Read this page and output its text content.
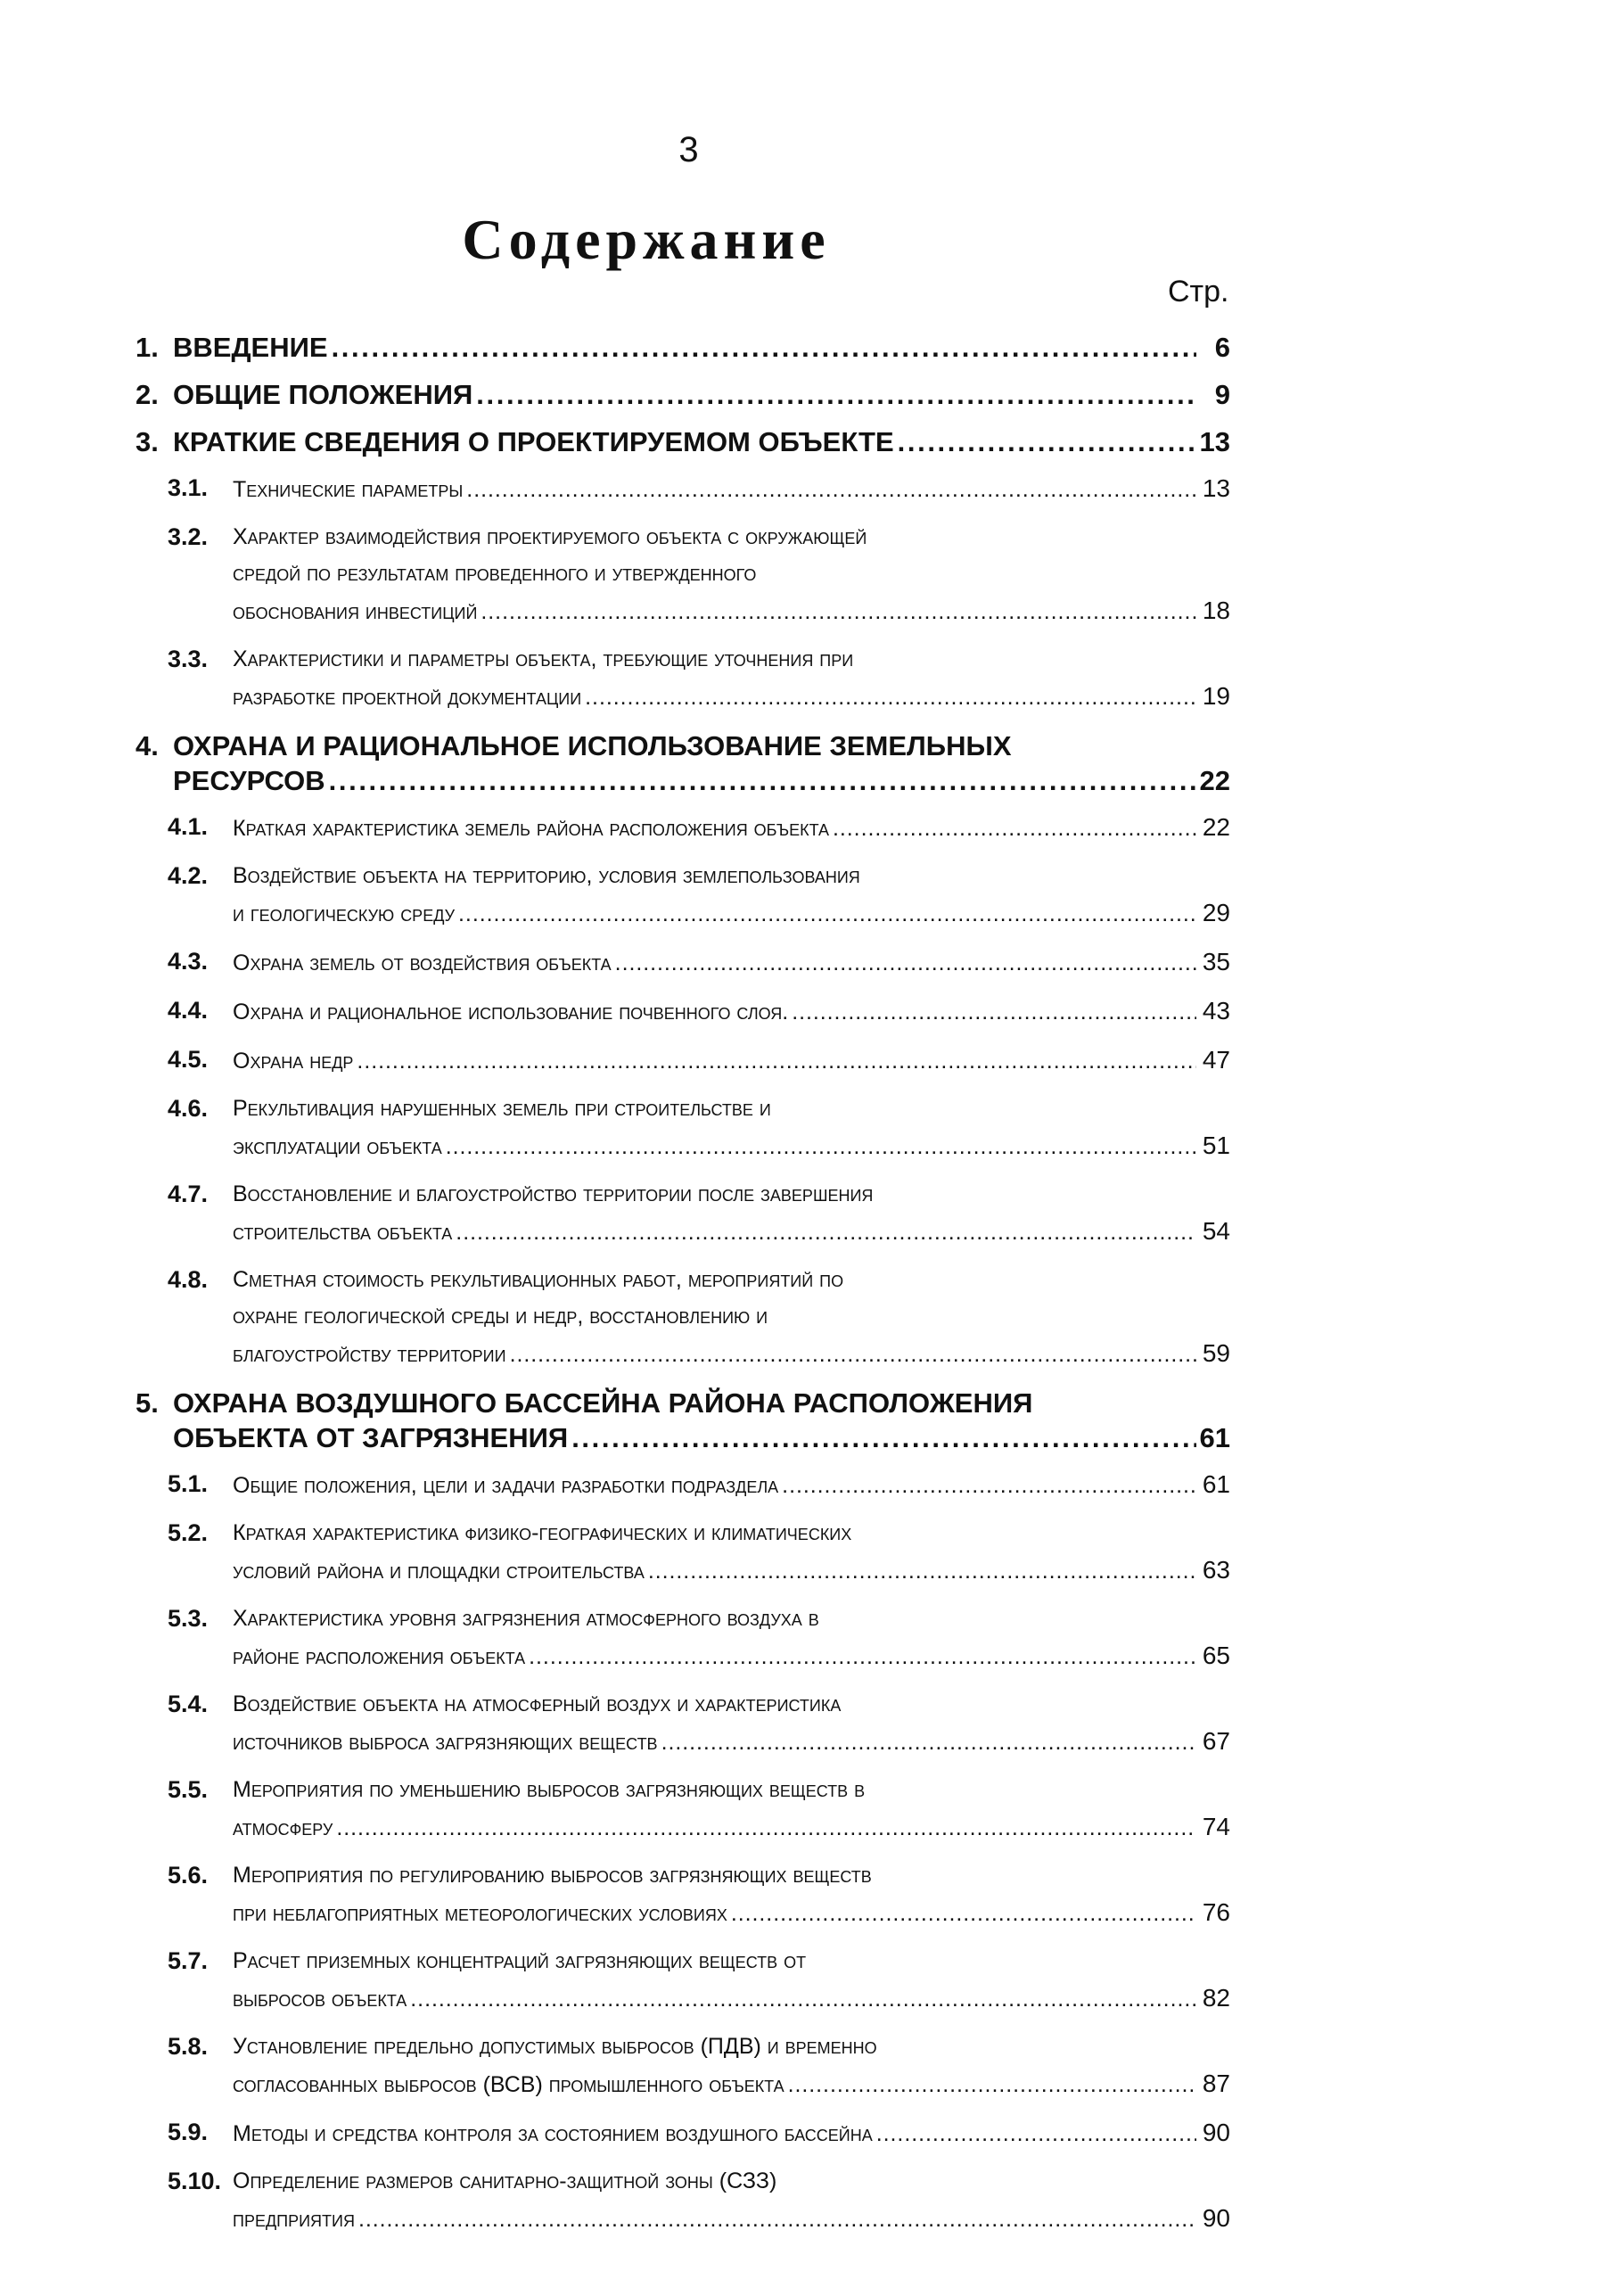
3
Содержание
Стр.
1. ВВЕДЕНИЕ . . .	6
2. ОБЩИЕ ПОЛОЖЕНИЯ . . .	9
3. КРАТКИЕ СВЕДЕНИЯ О ПРОЕКТИРУЕМОМ ОБЪЕКТЕ . . .	13
3.1.	Технические параметры . . .	13
3.2.	Характер взаимодействия проектируемого объекта с окружающей
средой по результатам проведенного и утвержденного
обоснования инвестиций . . .	18
3.3.	Характеристики и параметры объекта, требующие уточнения при
разработке проектной документации . . .	19
4. ОХРАНА И РАЦИОНАЛЬНОЕ ИСПОЛЬЗОВАНИЕ ЗЕМЕЛЬНЫХ
РЕСУРСОВ . . .	22
4.1.	Краткая характеристика земель района расположения объекта . . .	22
4.2.	Воздействие объекта на территорию, условия землепользования
и геологическую среду . . .	29
4.3.	Охрана земель от воздействия объекта . . .	35
4.4.	Охрана и рациональное использование почвенного слоя. . . .	43
4.5.	Охрана недр . . .	47
4.6.	Рекультивация нарушенных земель при строительстве и
эксплуатации объекта . . .	51
4.7.	Восстановление и благоустройство территории после завершения
строительства объекта . . .	54
4.8.	Сметная стоимость рекультивационных работ, мероприятий по
охране геологической среды и недр, восстановлению и
благоустройству территории . . .	59
5. ОХРАНА ВОЗДУШНОГО БАССЕЙНА РАЙОНА РАСПОЛОЖЕНИЯ
ОБЪЕКТА ОТ ЗАГРЯЗНЕНИЯ . . .	61
5.1.	Общие положения, цели и задачи разработки подраздела . . .	61
5.2.	Краткая характеристика физико-географических и климатических
условий района и площадки строительства . . .	63
5.3.	Характеристика уровня загрязнения атмосферного воздуха в
районе расположения объекта . . .	65
5.4.	Воздействие объекта на атмосферный воздух и характеристика
источников выброса загрязняющих веществ . . .	67
5.5.	Мероприятия по уменьшению выбросов загрязняющих веществ в
атмосферу . . .	74
5.6.	Мероприятия по регулированию выбросов загрязняющих веществ
при неблагоприятных метеорологических условиях . . .	76
5.7.	Расчет приземных концентраций загрязняющих веществ от
выбросов объекта . . .	82
5.8.	Установление предельно допустимых выбросов (ПДВ) и временно
согласованных выбросов (ВСВ) промышленного объекта . . .	87
5.9.	Методы и средства контроля за состоянием воздушного бассейна . . .	90
5.10. Определение размеров санитарно-защитной зоны (СЗЗ)
предприятия . . .	90
